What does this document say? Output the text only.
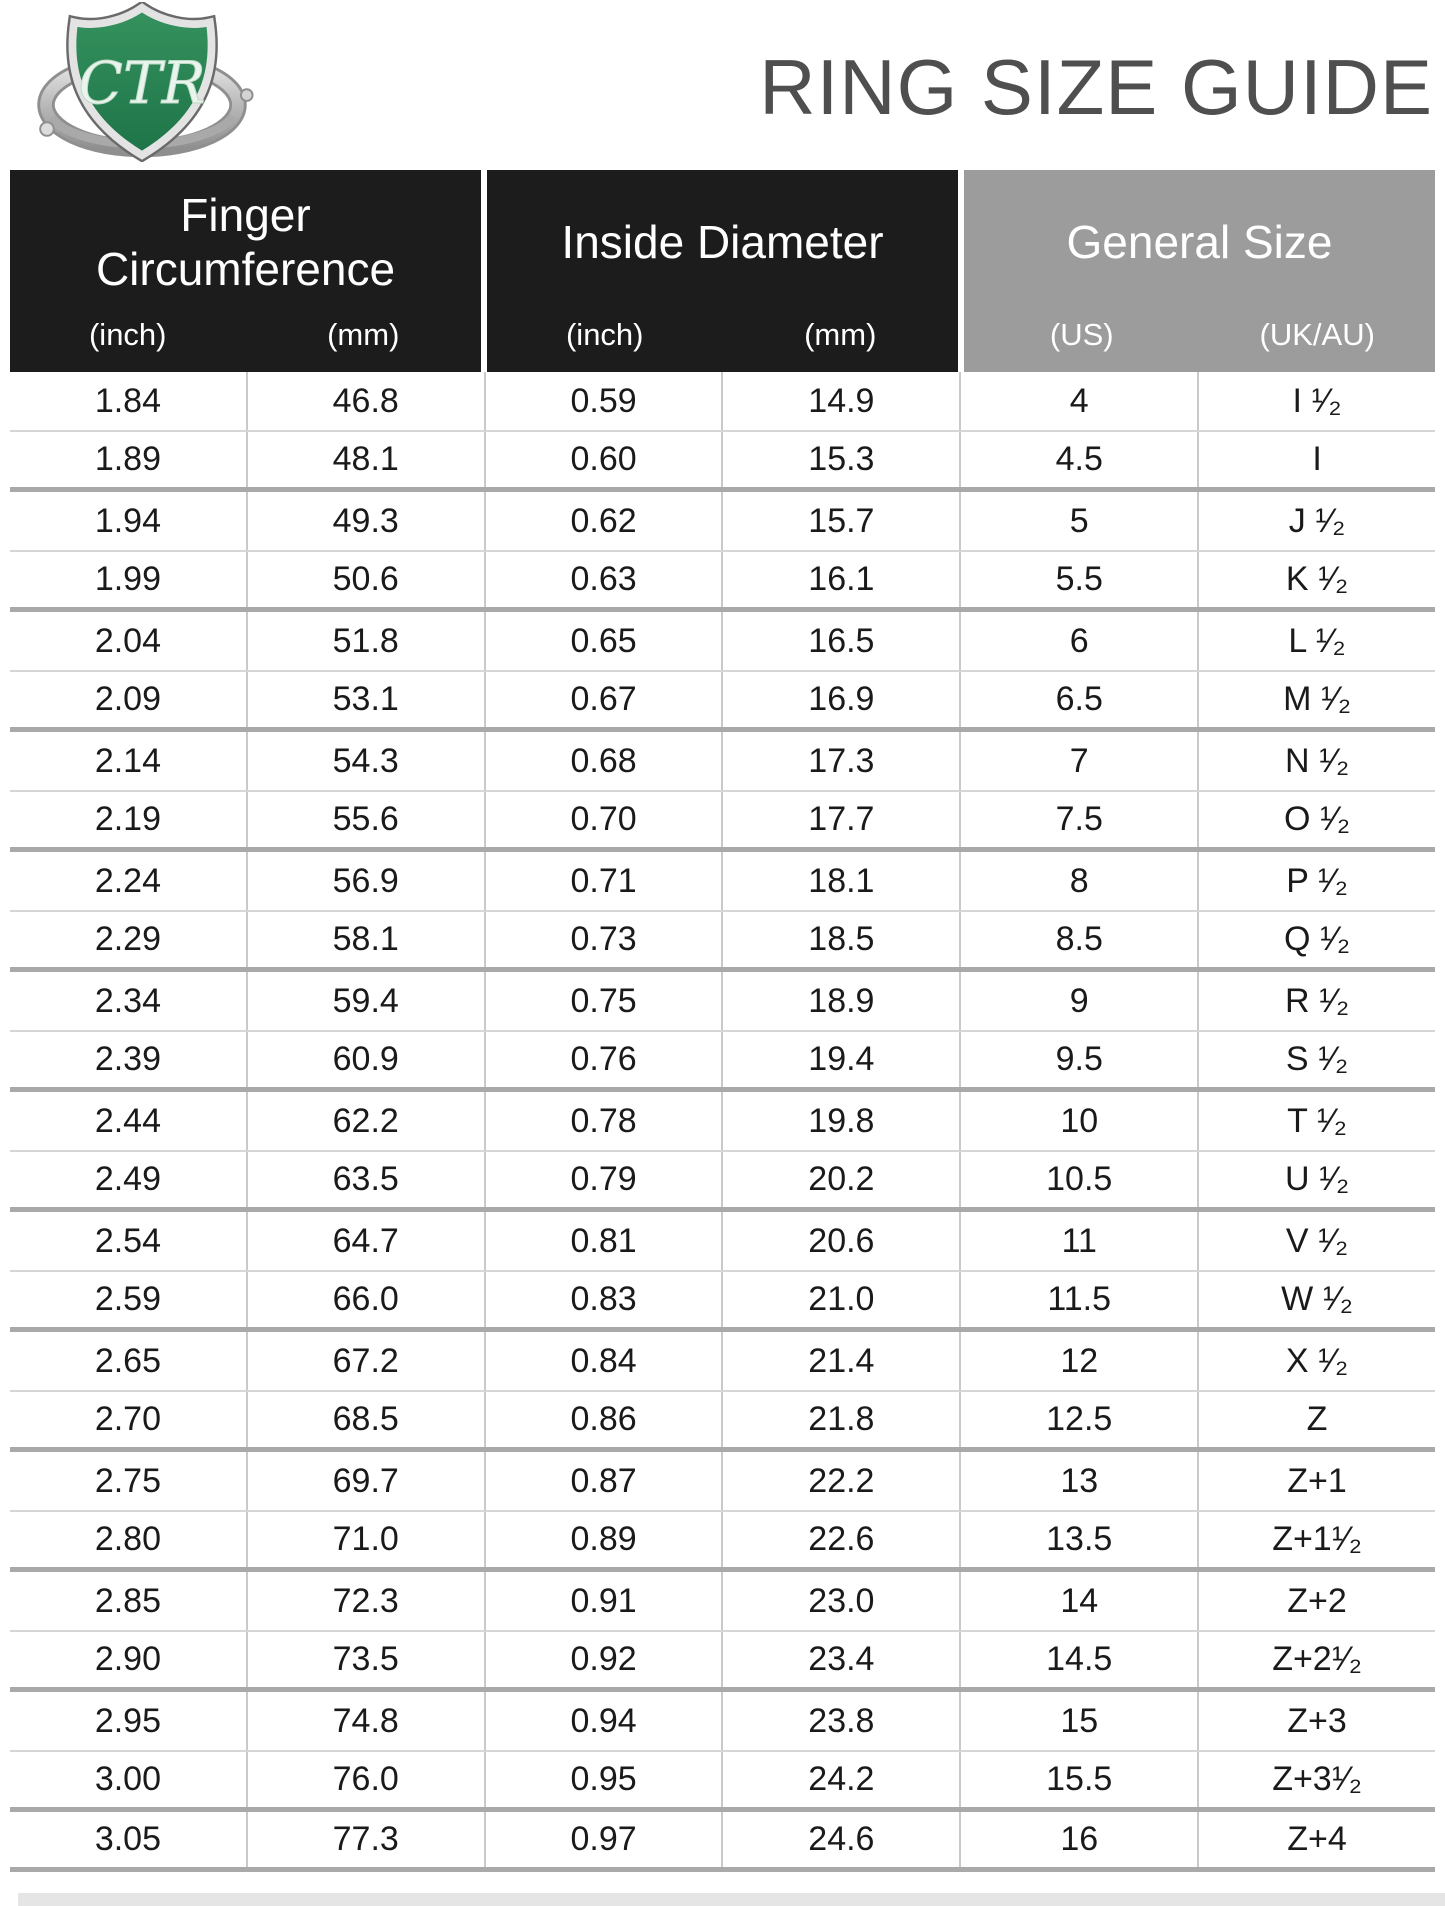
CTR	RING SIZE GUIDE
Finger Circumference
(inch)	(mm)
Inside Diameter
(inch)	(mm)
General Size
(US)	(UK/AU)
1.84	46.8	0.59	14.9	4	I ¹⁄₂
1.89	48.1	0.60	15.3	4.5	I
1.94	49.3	0.62	15.7	5	J ¹⁄₂
1.99	50.6	0.63	16.1	5.5	K ¹⁄₂
2.04	51.8	0.65	16.5	6	L ¹⁄₂
2.09	53.1	0.67	16.9	6.5	M ¹⁄₂
2.14	54.3	0.68	17.3	7	N ¹⁄₂
2.19	55.6	0.70	17.7	7.5	O ¹⁄₂
2.24	56.9	0.71	18.1	8	P ¹⁄₂
2.29	58.1	0.73	18.5	8.5	Q ¹⁄₂
2.34	59.4	0.75	18.9	9	R ¹⁄₂
2.39	60.9	0.76	19.4	9.5	S ¹⁄₂
2.44	62.2	0.78	19.8	10	T ¹⁄₂
2.49	63.5	0.79	20.2	10.5	U ¹⁄₂
2.54	64.7	0.81	20.6	11	V ¹⁄₂
2.59	66.0	0.83	21.0	11.5	W ¹⁄₂
2.65	67.2	0.84	21.4	12	X ¹⁄₂
2.70	68.5	0.86	21.8	12.5	Z
2.75	69.7	0.87	22.2	13	Z+1
2.80	71.0	0.89	22.6	13.5	Z+1¹⁄₂
2.85	72.3	0.91	23.0	14	Z+2
2.90	73.5	0.92	23.4	14.5	Z+2¹⁄₂
2.95	74.8	0.94	23.8	15	Z+3
3.00	76.0	0.95	24.2	15.5	Z+3¹⁄₂
3.05	77.3	0.97	24.6	16	Z+4
